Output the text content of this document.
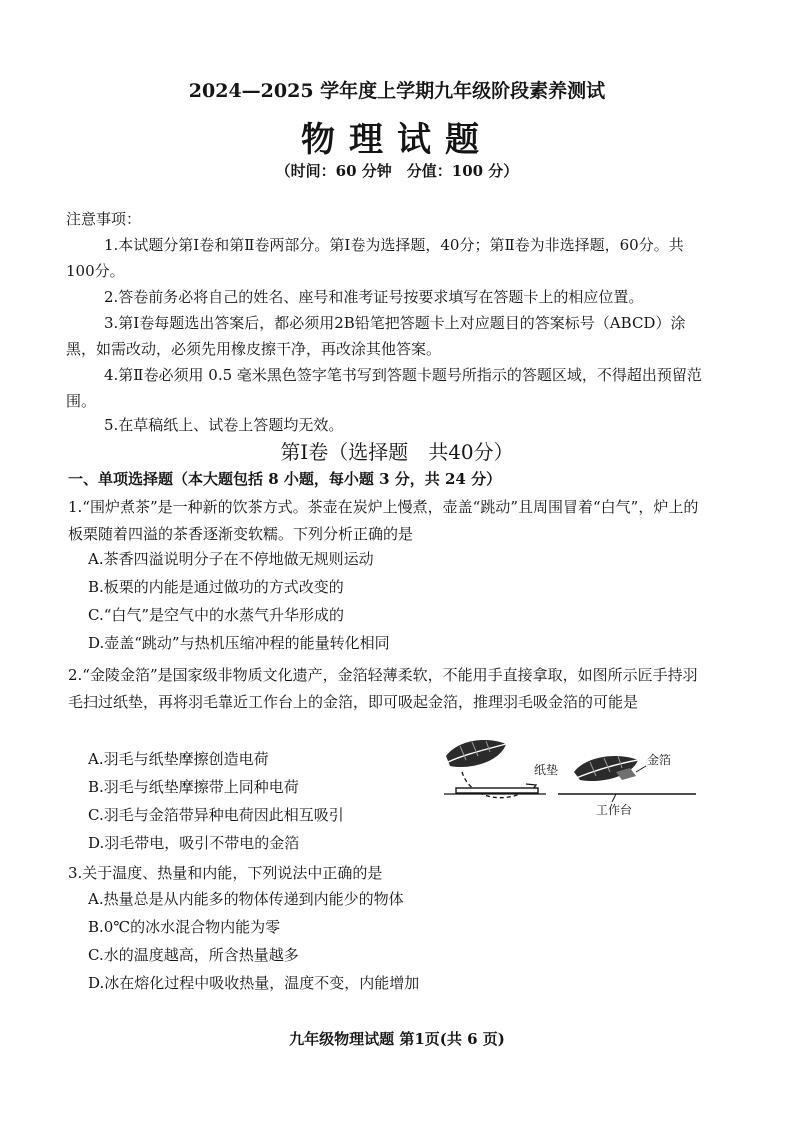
2024—2025 学年度上学期九年级阶段素养测试
物理试题
（时间：60 分钟　分值：100 分）
注意事项：
1.本试题分第Ⅰ卷和第Ⅱ卷两部分。第Ⅰ卷为选择题，40分；第Ⅱ卷为非选择题，60分。共100分。
2.答卷前务必将自己的姓名、座号和准考证号按要求填写在答题卡上的相应位置。
3.第Ⅰ卷每题选出答案后，都必须用2B铅笔把答题卡上对应题目的答案标号（ABCD）涂黑，如需改动，必须先用橡皮擦干净，再改涂其他答案。
4.第Ⅱ卷必须用 0.5 毫米黑色签字笔书写到答题卡题号所指示的答题区域，不得超出预留范围。
5.在草稿纸上、试卷上答题均无效。
第Ⅰ卷（选择题　共40分）
一、单项选择题（本大题包括 8 小题，每小题 3 分，共 24 分）
1.“围炉煮茶”是一种新的饮茶方式。茶壶在炭炉上慢煮，壶盖“跳动”且周围冒着“白气”，炉上的板栗随着四溢的茶香逐渐变软糯。下列分析正确的是
A.茶香四溢说明分子在不停地做无规则运动
B.板栗的内能是通过做功的方式改变的
C.“白气”是空气中的水蒸气升华形成的
D.壶盖“跳动”与热机压缩冲程的能量转化相同
2.“金陵金箔”是国家级非物质文化遗产，金箔轻薄柔软，不能用手直接拿取，如图所示匠手持羽毛扫过纸垫，再将羽毛靠近工作台上的金箔，即可吸起金箔，推理羽毛吸金箔的可能是
A.羽毛与纸垫摩擦创造电荷
B.羽毛与纸垫摩擦带上同种电荷
C.羽毛与金箔带异种电荷因此相互吸引
D.羽毛带电，吸引不带电的金箔
纸垫
金箔
工作台
3.关于温度、热量和内能，下列说法中正确的是
A.热量总是从内能多的物体传递到内能少的物体
B.0℃的冰水混合物内能为零
C.水的温度越高，所含热量越多
D.冰在熔化过程中吸收热量，温度不变，内能增加
九年级物理试题 第1页(共 6 页)
